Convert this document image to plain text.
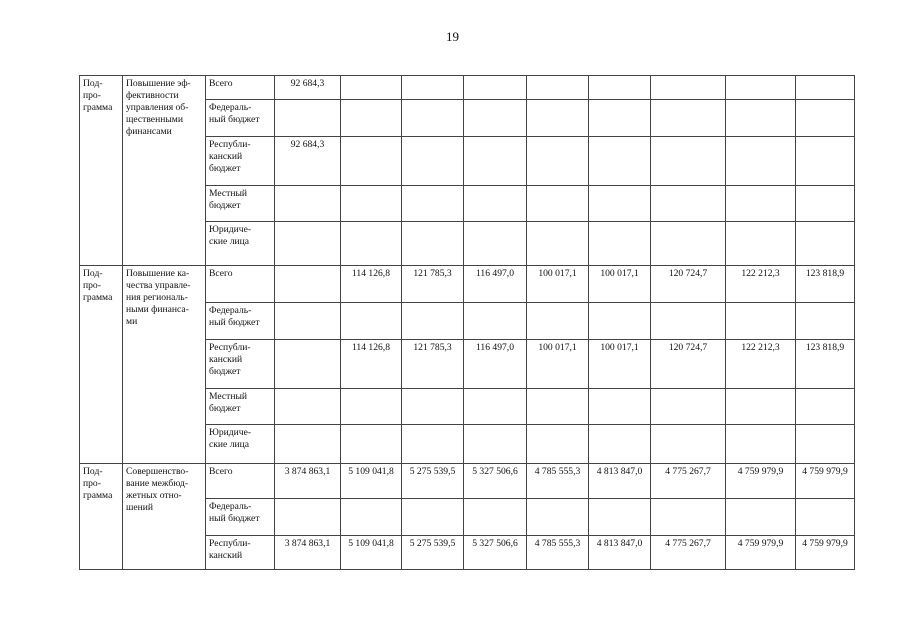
19
Под-
про-
грамма	Повышение эф-
фективности
управления об-
щественными
финансами	Всего	92 684,3								
		Федераль-
ный бюджет									
		Республи-
канский
бюджет	92 684,3								
		Местный
бюджет									
		Юридиче-
ские лица									
Под-
про-
грамма	Повышение ка-
чества управле-
ния региональ-
ными финанса-
ми	Всего		114 126,8	121 785,3	116 497,0	100 017,1	100 017,1	120 724,7	122 212,3	123 818,9
		Федераль-
ный бюджет									
		Республи-
канский
бюджет		114 126,8	121 785,3	116 497,0	100 017,1	100 017,1	120 724,7	122 212,3	123 818,9
		Местный
бюджет									
		Юридиче-
ские лица									
Под-
про-
грамма	Совершенство-
вание межбюд-
жетных отно-
шений	Всего	3 874 863,1	5 109 041,8	5 275 539,5	5 327 506,6	4 785 555,3	4 813 847,0	4 775 267,7	4 759 979,9	4 759 979,9
		Федераль-
ный бюджет									
		Республи-
канский	3 874 863,1	5 109 041,8	5 275 539,5	5 327 506,6	4 785 555,3	4 813 847,0	4 775 267,7	4 759 979,9	4 759 979,9
